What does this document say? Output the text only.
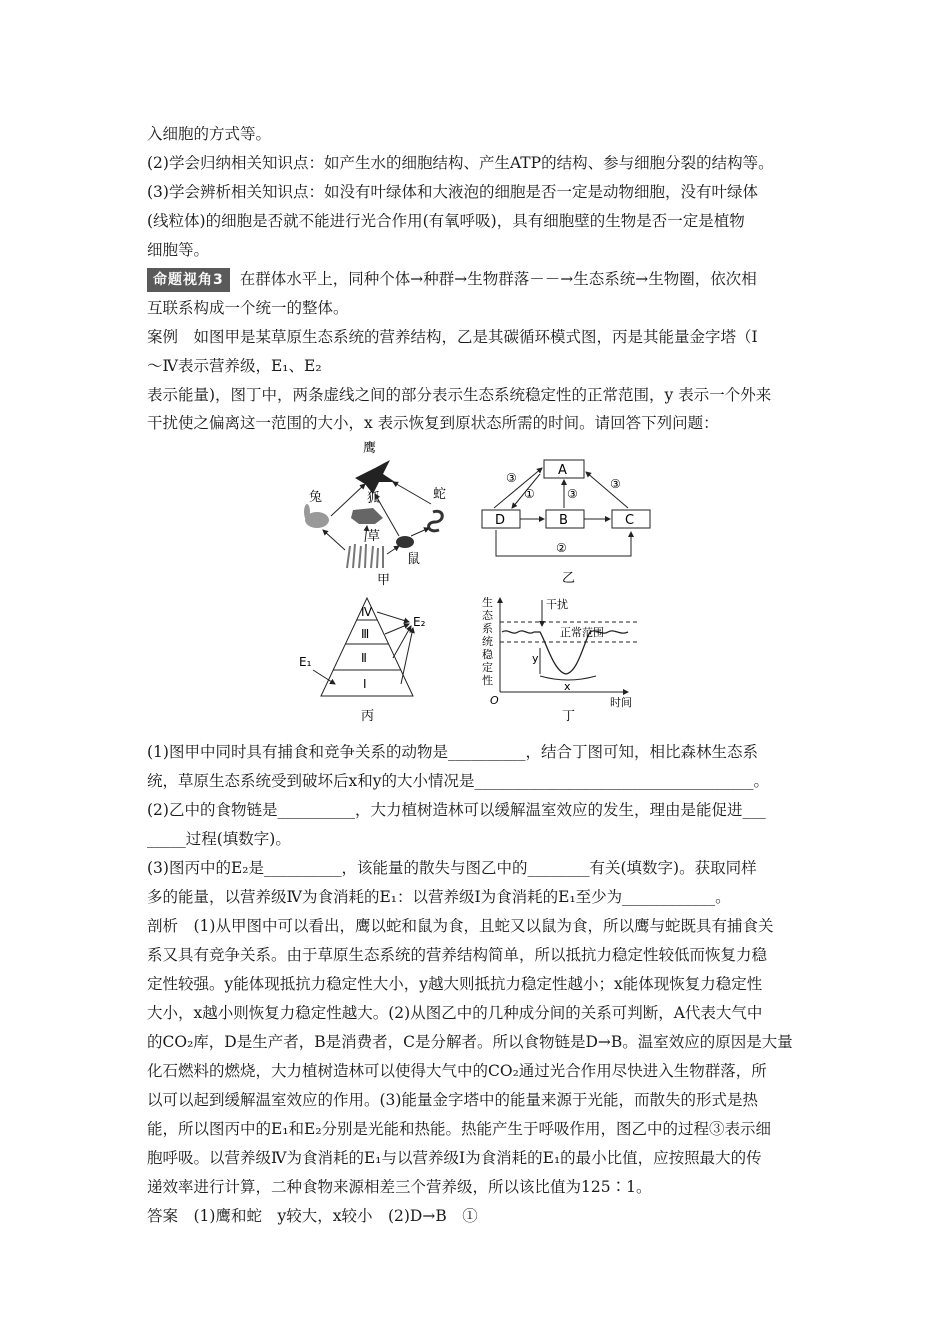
入细胞的方式等。
(2)学会归纳相关知识点：如产生水的细胞结构、产生ATP的结构、参与细胞分裂的结构等。
(3)学会辨析相关知识点：如没有叶绿体和大液泡的细胞是否一定是动物细胞，没有叶绿体
(线粒体)的细胞是否就不能进行光合作用(有氧呼吸)，具有细胞壁的生物是否一定是植物
细胞等。
命题视角3 在群体水平上，同种个体→种群→生物群落－－→生态系统→生物圈，依次相
互联系构成一个统一的整体。
案例　如图甲是某草原生态系统的营养结构，乙是其碳循环模式图，丙是其能量金字塔（Ⅰ
～Ⅳ表示营养级，E₁、E₂
表示能量)，图丁中，两条虚线之间的部分表示生态系统稳定性的正常范围，y 表示一个外来
干扰使之偏离这一范围的大小，x 表示恢复到原状态所需的时间。请回答下列问题：
鹰
兔	狐	蛇
草
鼠
甲
A
D	B	C
③
①	③
③
②
乙
Ⅳ
Ⅲ
Ⅱ
Ⅰ
E₁
E₂
丙
生
态
系
统
稳
定
性
干扰
正常范围
y
x
O	时间
丁
(1)图甲中同时具有捕食和竞争关系的动物是__________，结合丁图可知，相比森林生态系
统，草原生态系统受到破坏后x和y的大小情况是____________________________________。
(2)乙中的食物链是__________，大力植树造林可以缓解温室效应的发生，理由是能促进___
_____过程(填数字)。
(3)图丙中的E₂是__________，该能量的散失与图乙中的________有关(填数字)。获取同样
多的能量，以营养级Ⅳ为食消耗的E₁：以营养级Ⅰ为食消耗的E₁至少为____________。
剖析　(1)从甲图中可以看出，鹰以蛇和鼠为食，且蛇又以鼠为食，所以鹰与蛇既具有捕食关
系又具有竞争关系。由于草原生态系统的营养结构简单，所以抵抗力稳定性较低而恢复力稳
定性较强。y能体现抵抗力稳定性大小，y越大则抵抗力稳定性越小；x能体现恢复力稳定性
大小，x越小则恢复力稳定性越大。(2)从图乙中的几种成分间的关系可判断，A代表大气中
的CO₂库，D是生产者，B是消费者，C是分解者。所以食物链是D→B。温室效应的原因是大量
化石燃料的燃烧，大力植树造林可以使得大气中的CO₂通过光合作用尽快进入生物群落，所
以可以起到缓解温室效应的作用。(3)能量金字塔中的能量来源于光能，而散失的形式是热
能，所以图丙中的E₁和E₂分别是光能和热能。热能产生于呼吸作用，图乙中的过程③表示细
胞呼吸。以营养级Ⅳ为食消耗的E₁与以营养级Ⅰ为食消耗的E₁的最小比值，应按照最大的传
递效率进行计算，二种食物来源相差三个营养级，所以该比值为125∶1。
答案　(1)鹰和蛇　y较大，x较小　(2)D→B　①
